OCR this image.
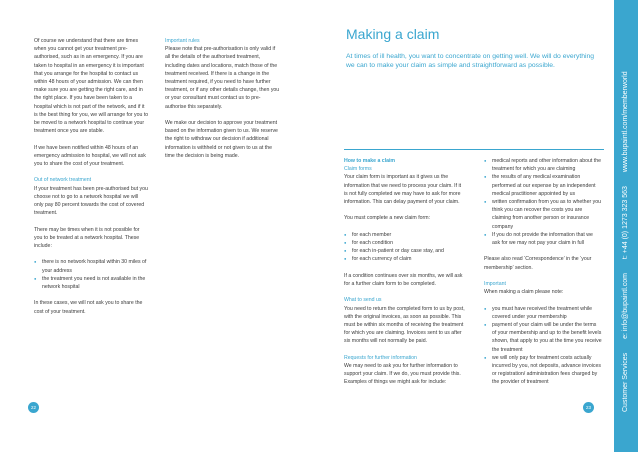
Of course we understand that there are times when you cannot get your treatment pre-authorised, such as in an emergency. If you are taken to hospital in an emergency it is important that you arrange for the hospital to contact us within 48 hours of your admission. We can then make sure you are getting the right care, and in the right place. If you have been taken to a hospital which is not part of the network, and if it is the best thing for you, we will arrange for you to be moved to a network hospital to continue your treatment once you are stable.

If we have been notified within 48 hours of an emergency admission to hospital, we will not ask you to share the cost of your treatment.

Out of network treatment

If your treatment has been pre-authorised but you choose not to go to a network hospital we will only pay 80 percent towards the cost of covered treatment.

There may be times when it is not possible for you to be treated at a network hospital. These include:

● there is no network hospital within 30 miles of your address
● the treatment you need is not available in the network hospital

In these cases, we will not ask you to share the cost of your treatment.

Important rules

Please note that pre-authorisation is only valid if all the details of the authorised treatment, including dates and locations, match those of the treatment received. If there is a change in the treatment required, if you need to have further treatment, or if any other details change, then you or your consultant must contact us to pre-authorise this separately.

We make our decision to approve your treatment based on the information given to us. We reserve the right to withdraw our decision if additional information is withheld or not given to us at the time the decision is being made.

22
Making a claim

At times of ill health, you want to concentrate on getting well. We will do everything we can to make your claim as simple and straightforward as possible.

How to make a claim

Claim forms

Your claim form is important as it gives us the information that we need to process your claim. If it is not fully completed we may have to ask for more information. This can delay payment of your claim.

You must complete a new claim form:

● for each member
● for each condition
● for each in-patient or day case stay, and
● for each currency of claim

If a condition continues over six months, we will ask for a further claim form to be completed.

What to send us

You need to return the completed form to us by post, with the original invoices, as soon as possible. This must be within six months of receiving the treatment for which you are claiming. Invoices sent to us after six months will not normally be paid.

Requests for further information

We may need to ask you for further information to support your claim. If we do, you must provide this. Examples of things we might ask for include:

● medical reports and other information about the treatment for which you are claiming
● the results of any medical examination performed at our expense by an independent medical practitioner appointed by us
● written confirmation from you as to whether you think you can recover the costs you are claiming from another person or insurance company
● If you do not provide the information that we ask for we may not pay your claim in full

Please also read ‘Correspondence’ in the ‘your membership’ section.

Important

When making a claim please note:

● you must have received the treatment while covered under your membership
● payment of your claim will be under the terms of your membership and up to the benefit levels shown, that apply to you at the time you receive the treatment
● we will only pay for treatment costs actually incurred by you, not deposits, advance invoices or registration/ administration fees charged by the provider of treatment
23	Customer Services e: info@bupaintl.com t: +44 (0) 1273 323 563 www.bupaintl.com/memberworld
